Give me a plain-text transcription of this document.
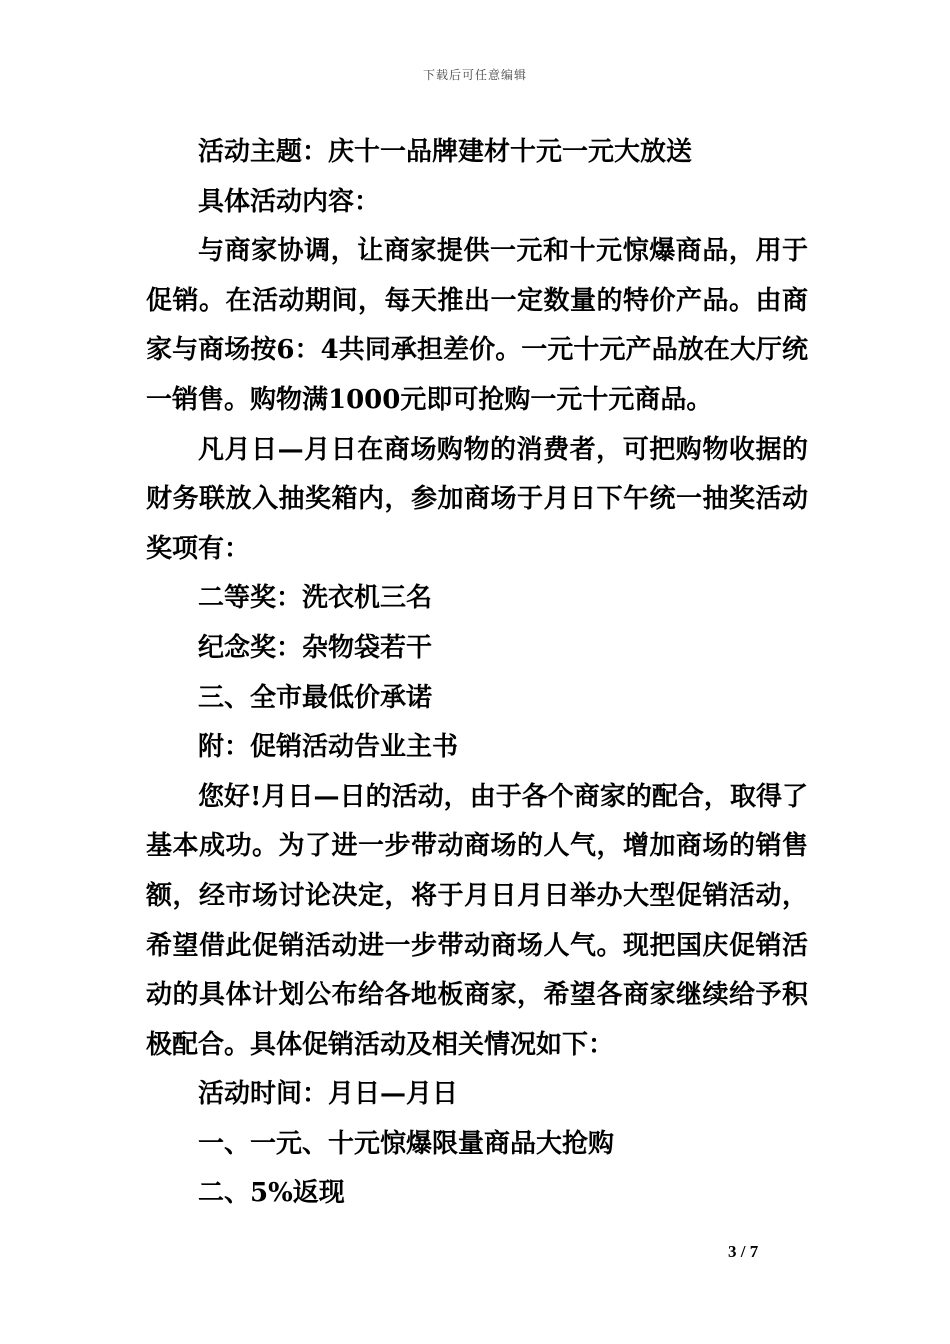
下载后可任意编辑

活动主题：庆十一品牌建材十元一元大放送

具体活动内容：

与商家协调，让商家提供一元和十元惊爆商品，用于促销。在活动期间，每天推出一定数量的特价产品。由商家与商场按6：4共同承担差价。一元十元产品放在大厅统一销售。购物满1000元即可抢购一元十元商品。

凡月日—月日在商场购物的消费者，可把购物收据的财务联放入抽奖箱内，参加商场于月日下午统一抽奖活动奖项有：

二等奖：洗衣机三名

纪念奖：杂物袋若干

三、全市最低价承诺

附：促销活动告业主书

您好!月日—日的活动，由于各个商家的配合，取得了基本成功。为了进一步带动商场的人气，增加商场的销售额，经市场讨论决定，将于月日月日举办大型促销活动，希望借此促销活动进一步带动商场人气。现把国庆促销活动的具体计划公布给各地板商家，希望各商家继续给予积极配合。具体促销活动及相关情况如下：

活动时间：月日—月日

一、一元、十元惊爆限量商品大抢购

二、5%返现

3 / 7
